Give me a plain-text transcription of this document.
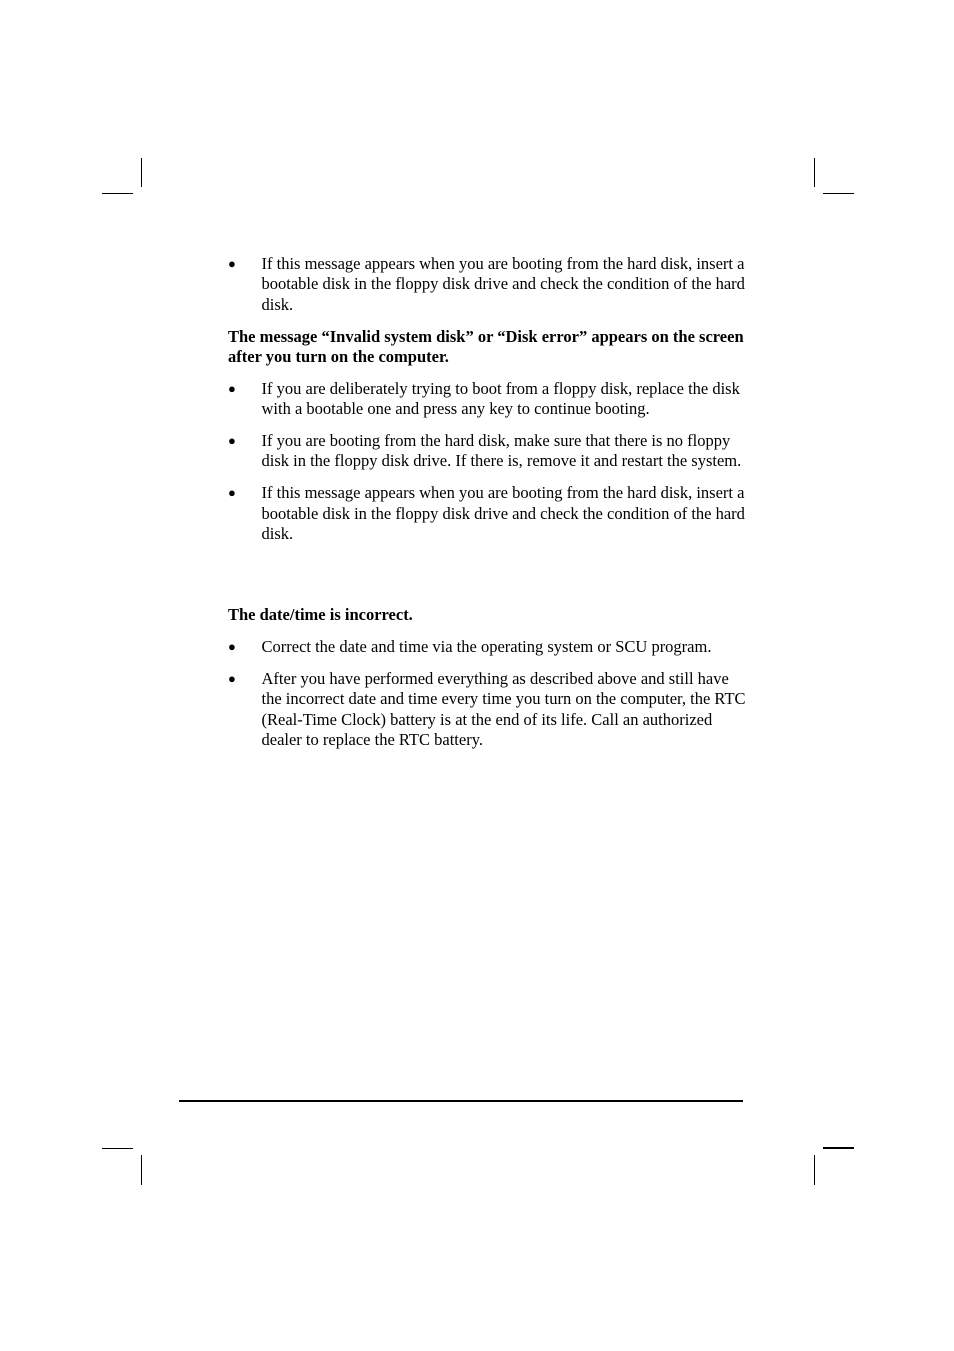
● If this message appears when you are booting from the hard disk, insert a bootable disk in the floppy disk drive and check the condition of the hard disk.
The message “Invalid system disk” or “Disk error” appears on the screen after you turn on the computer.
● If you are deliberately trying to boot from a floppy disk, replace the disk with a bootable one and press any key to continue booting.
● If you are booting from the hard disk, make sure that there is no floppy disk in the floppy disk drive. If there is, remove it and restart the system.
● If this message appears when you are booting from the hard disk, insert a bootable disk in the floppy disk drive and check the condition of the hard disk.
The date/time is incorrect.
● Correct the date and time via the operating system or SCU program.
● After you have performed everything as described above and still have the incorrect date and time every time you turn on the computer, the RTC (Real-Time Clock) battery is at the end of its life. Call an authorized dealer to replace the RTC battery.
